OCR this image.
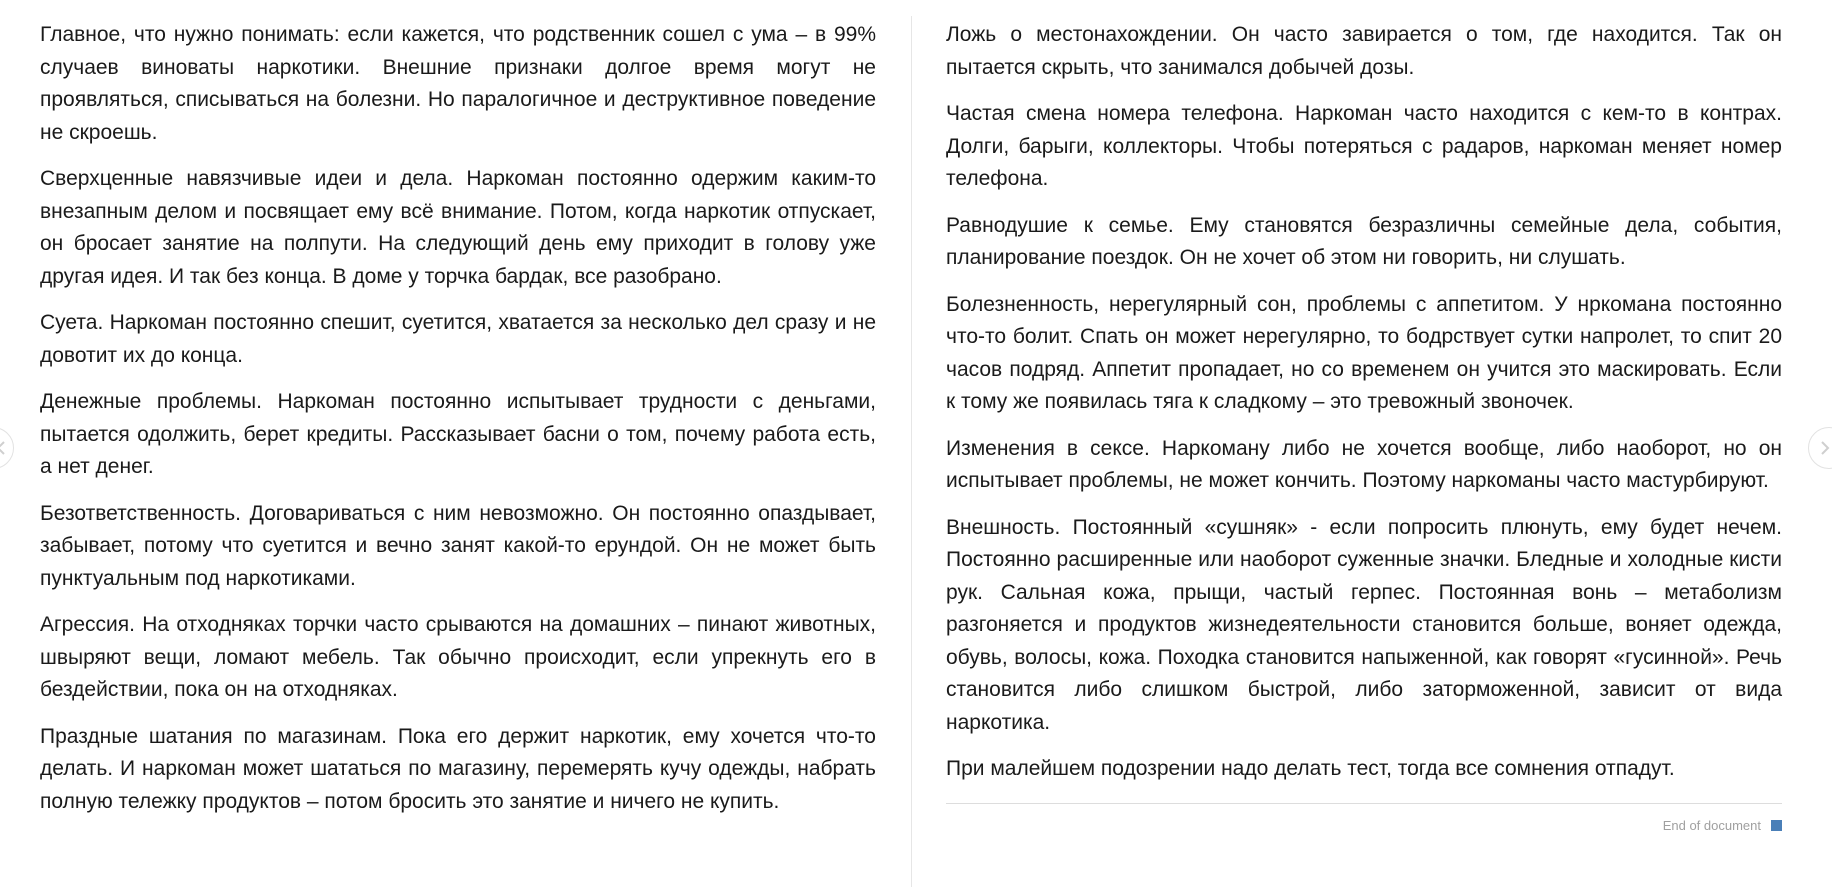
Главное, что нужно понимать: если кажется, что родственник сошел с ума – в 99% случаев виноваты наркотики. Внешние признаки долгое время могут не проявляться, списываться на болезни. Но паралогичное и деструктивное поведение не скроешь.

Сверхценные навязчивые идеи и дела. Наркоман постоянно одержим каким-то внезапным делом и посвящает ему всё внимание. Потом, когда наркотик отпускает, он бросает занятие на полпути. На следующий день ему приходит в голову уже другая идея. И так без конца. В доме у торчка бардак, все разобрано.

Суета. Наркоман постоянно спешит, суетится, хватается за несколько дел сразу и не довотит их до конца.

Денежные проблемы. Наркоман постоянно испытывает трудности с деньгами, пытается одолжить, берет кредиты. Рассказывает басни о том, почему работа есть, а нет денег.

Безответственность. Договариваться с ним невозможно. Он постоянно опаздывает, забывает, потому что суетится и вечно занят какой-то ерундой. Он не может быть пунктуальным под наркотиками.

Агрессия. На отходняках торчки часто срываются на домашних – пинают животных, швыряют вещи, ломают мебель. Так обычно происходит, если упрекнуть его в бездействии, пока он на отходняках.

Праздные шатания по магазинам. Пока его держит наркотик, ему хочется что-то делать. И наркоман может шататься по магазину, перемерять кучу одежды, набрать полную тележку продуктов – потом бросить это занятие и ничего не купить.

Ложь о местонахождении. Он часто завирается о том, где находится. Так он пытается скрыть, что занимался добычей дозы.

Частая смена номера телефона. Наркоман часто находится с кем-то в контрах. Долги, барыги, коллекторы. Чтобы потеряться с радаров, наркоман меняет номер телефона.

Равнодушие к семье. Ему становятся безразличны семейные дела, события, планирование поездок. Он не хочет об этом ни говорить, ни слушать.

Болезненность, нерегулярный сон, проблемы с аппетитом. У нркомана постоянно что-то болит. Спать он может нерегулярно, то бодрствует сутки напролет, то спит 20 часов подряд. Аппетит пропадает, но со временем он учится это маскировать. Если к тому же появилась тяга к сладкому – это тревожный звоночек.

Изменения в сексе. Наркоману либо не хочется вообще, либо наоборот, но он испытывает проблемы, не может кончить. Поэтому наркоманы часто мастурбируют.

Внешность. Постоянный «сушняк» - если попросить плюнуть, ему будет нечем. Постоянно расширенные или наоборот суженные значки. Бледные и холодные кисти рук. Сальная кожа, прыщи, частый герпес. Постоянная вонь – метаболизм разгоняется и продуктов жизнедеятельности становится больше, воняет одежда, обувь, волосы, кожа. Походка становится напыженной, как говорят «гусинной». Речь становится либо слишком быстрой, либо заторможенной, зависит от вида наркотика.

При малейшем подозрении надо делать тест, тогда все сомнения отпадут.

End of document
